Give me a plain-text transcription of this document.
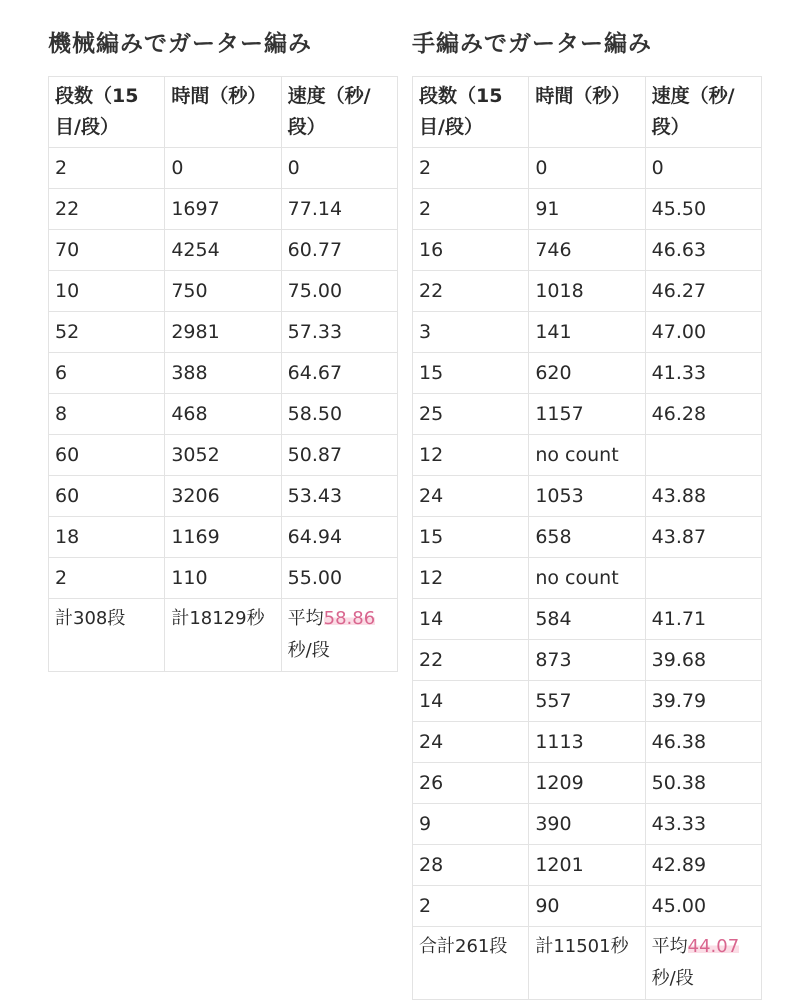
機械編みでガーター編み
段数（15目/段）	時間（秒）	速度（秒/段）
2	0	0
22	1697	77.14
70	4254	60.77
10	750	75.00
52	2981	57.33
6	388	64.67
8	468	58.50
60	3052	50.87
60	3206	53.43
18	1169	64.94
2	110	55.00
計308段	計18129秒	平均58.86秒/段
手編みでガーター編み
段数（15目/段）	時間（秒）	速度（秒/段）
2	0	0
2	91	45.50
16	746	46.63
22	1018	46.27
3	141	47.00
15	620	41.33
25	1157	46.28
12	no count	
24	1053	43.88
15	658	43.87
12	no count	
14	584	41.71
22	873	39.68
14	557	39.79
24	1113	46.38
26	1209	50.38
9	390	43.33
28	1201	42.89
2	90	45.00
合計261段	計11501秒	平均44.07秒/段
